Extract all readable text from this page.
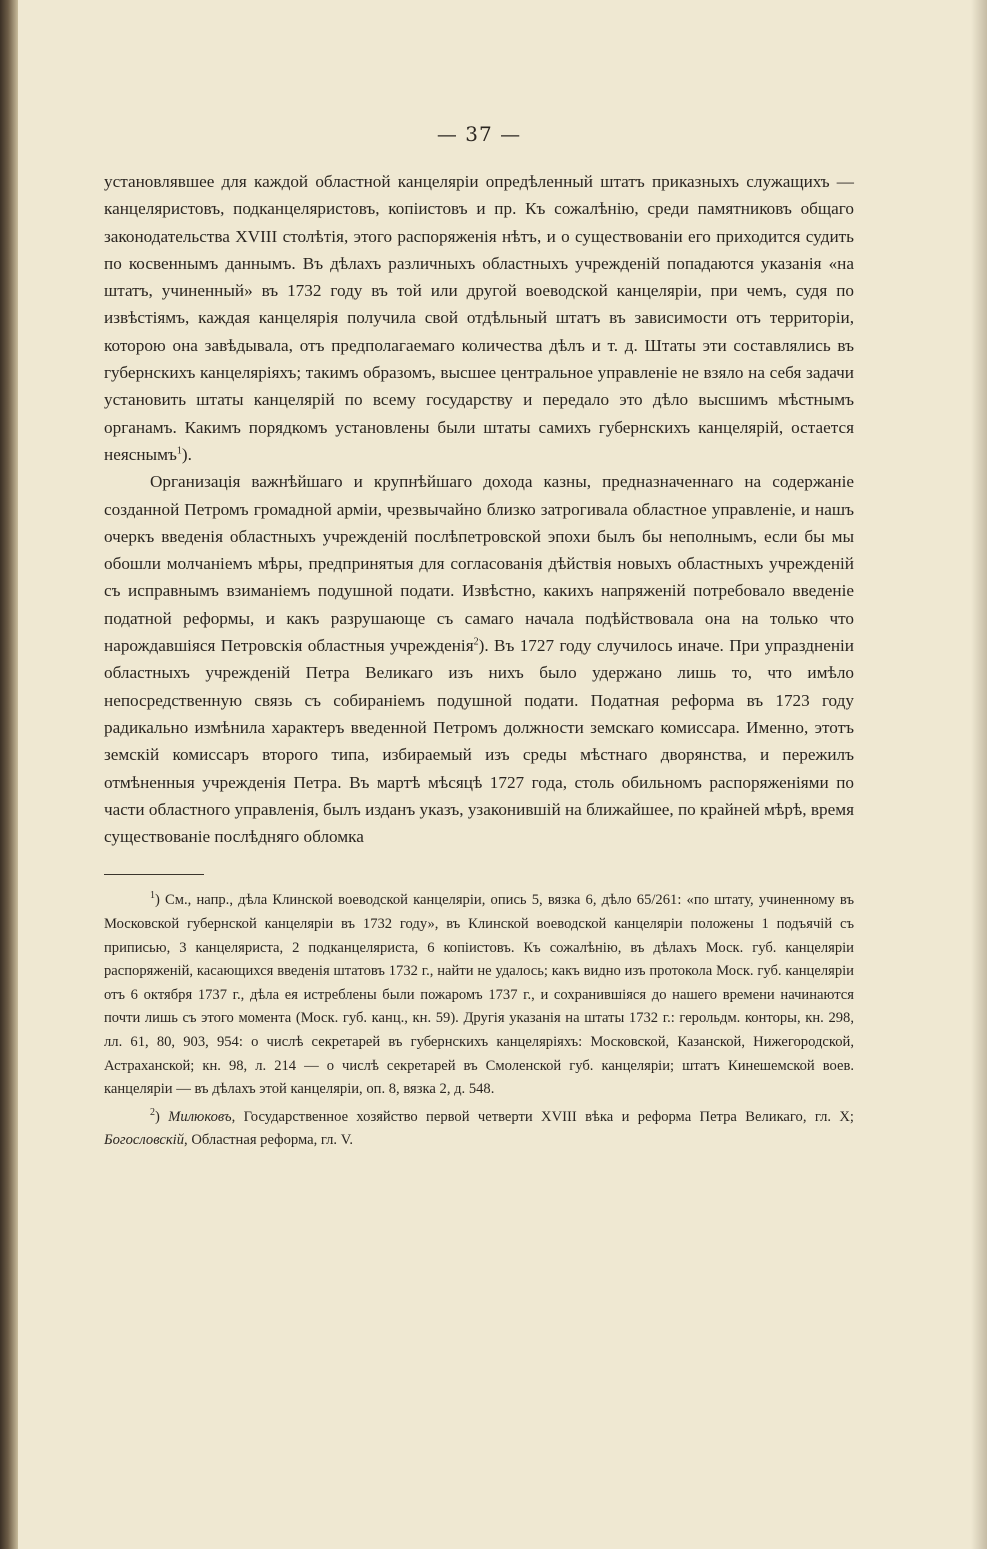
— 37 —

установлявшее для каждой областной канцеляріи опредѣленный штатъ приказныхъ служащихъ — канцеляристовъ, подканцеляристовъ, копіистовъ и пр. Къ сожалѣнію, среди памятниковъ общаго законодательства XVIII столѣтія, этого распоряженія нѣтъ, и о существованіи его приходится судить по косвеннымъ даннымъ. Въ дѣлахъ различныхъ областныхъ учрежденій попадаются указанія «на штатъ, учиненный» въ 1732 году въ той или другой воеводской канцеляріи, при чемъ, судя по извѣстіямъ, каждая канцелярія получила свой отдѣльный штатъ въ зависимости отъ территоріи, которою она завѣдывала, отъ предполагаемаго количества дѣлъ и т. д. Штаты эти составлялись въ губернскихъ канцеляріяхъ; такимъ образомъ, высшее центральное управленіе не взяло на себя задачи установить штаты канцелярій по всему государству и передало это дѣло высшимъ мѣстнымъ органамъ. Какимъ порядкомъ установлены были штаты самихъ губернскихъ канцелярій, остается неяснымъ$^1$).

Организація важнѣйшаго и крупнѣйшаго дохода казны, предназначеннаго на содержаніе созданной Петромъ громадной арміи, чрезвычайно близко затрогивала областное управленіе, и нашъ очеркъ введенія областныхъ учрежденій послѣпетровской эпохи былъ бы неполнымъ, если бы мы обошли молчаніемъ мѣры, предпринятыя для согласованія дѣйствія новыхъ областныхъ учрежденій съ исправнымъ взиманіемъ подушной подати. Извѣстно, какихъ напряженій потребовало введеніе податной реформы, и какъ разрушающе съ самаго начала подѣйствовала она на только что нарождавшіяся Петровскія областныя учрежденія$^2$). Въ 1727 году случилось иначе. При упраздненіи областныхъ учрежденій Петра Великаго изъ нихъ было удержано лишь то, что имѣло непосредственную связь съ собираніемъ подушной подати. Податная реформа въ 1723 году радикально измѣнила характеръ введенной Петромъ должности земскаго комиссара. Именно, этотъ земскій комиссаръ второго типа, избираемый изъ среды мѣстнаго дворянства, и пережилъ отмѣненныя учрежденія Петра. Въ мартѣ мѣсяцѣ 1727 года, столь обильномъ распоряженіями по части областного управленія, былъ изданъ указъ, узаконившій на ближайшее, по крайней мѣрѣ, время существованіе послѣдняго обломка

$^1$) См., напр., дѣла Клинской воеводской канцеляріи, опись 5, вязка 6, дѣло 65/261: «по штату, учиненному въ Московской губернской канцеляріи въ 1732 году», въ Клинской воеводской канцеляріи положены 1 подъячій съ приписью, 3 канцеляриста, 2 подканцеляриста, 6 копіистовъ. Къ сожалѣнію, въ дѣлахъ Моск. губ. канцеляріи распоряженій, касающихся введенія штатовъ 1732 г., найти не удалось; какъ видно изъ протокола Моск. губ. канцеляріи отъ 6 октября 1737 г., дѣла ея истреблены были пожаромъ 1737 г., и сохранившіяся до нашего времени начинаются почти лишь съ этого момента (Моск. губ. канц., кн. 59). Другія указанія на штаты 1732 г.: герольдм. конторы, кн. 298, лл. 61, 80, 903, 954: о числѣ секретарей въ губернскихъ канцеляріяхъ: Московской, Казанской, Нижегородской, Астраханской; кн. 98, л. 214 — о числѣ секретарей въ Смоленской губ. канцеляріи; штатъ Кинешемской воев. канцеляріи — въ дѣлахъ этой канцеляріи, оп. 8, вязка 2, д. 548.

$^2$) Милюковъ, Государственное хозяйство первой четверти XVIII вѣка и реформа Петра Великаго, гл. X; Богословскій, Областная реформа, гл. V.
